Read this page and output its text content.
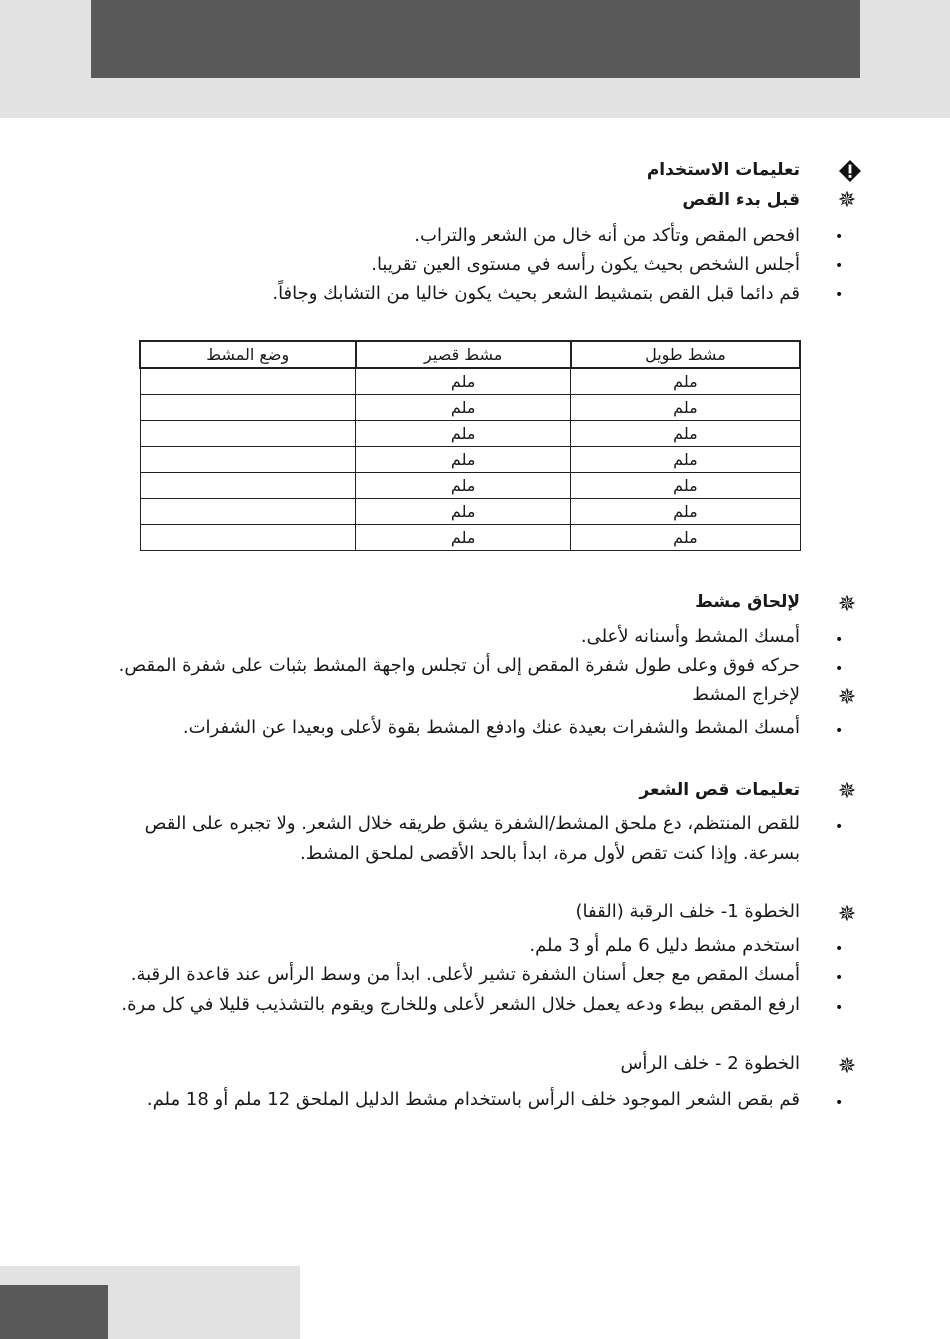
تعليمات الاستخدام
✵
قبل بدء القص
•
افحص المقص وتأكد من أنه خال من الشعر والتراب.
•
أجلس الشخص بحيث يكون رأسه في مستوى العين تقريبا.
•
قم دائما قبل القص بتمشيط الشعر بحيث يكون خاليا من التشابك وجافاً.
مشط طويل	مشط قصير	وضع المشط
ملم	ملم	
ملم	ملم	
ملم	ملم	
ملم	ملم	
ملم	ملم	
ملم	ملم	
ملم	ملم	
✵
لإلحاق مشط
•
أمسك المشط وأسنانه لأعلى.
•
حركه فوق وعلى طول شفرة المقص إلى أن تجلس واجهة المشط بثبات على شفرة المقص.
✵
لإخراج المشط
•
أمسك المشط والشفرات بعيدة عنك وادفع المشط بقوة لأعلى وبعيدا عن الشفرات.
✵
تعليمات قص الشعر
•
للقص المنتظم، دع ملحق المشط/الشفرة يشق طريقه خلال الشعر. ولا تجبره على القص
بسرعة. وإذا كنت تقص لأول مرة، ابدأ بالحد الأقصى لملحق المشط.
✵
الخطوة 1- خلف الرقبة (القفا)
•
استخدم مشط دليل 6 ملم أو 3 ملم.
•
أمسك المقص مع جعل أسنان الشفرة تشير لأعلى. ابدأ من وسط الرأس عند قاعدة الرقبة.
•
ارفع المقص ببطء ودعه يعمل خلال الشعر لأعلى وللخارج ويقوم بالتشذيب قليلا في كل مرة.
✵
الخطوة 2 - خلف الرأس
•
قم بقص الشعر الموجود خلف الرأس باستخدام مشط الدليل الملحق 12 ملم أو 18 ملم.
